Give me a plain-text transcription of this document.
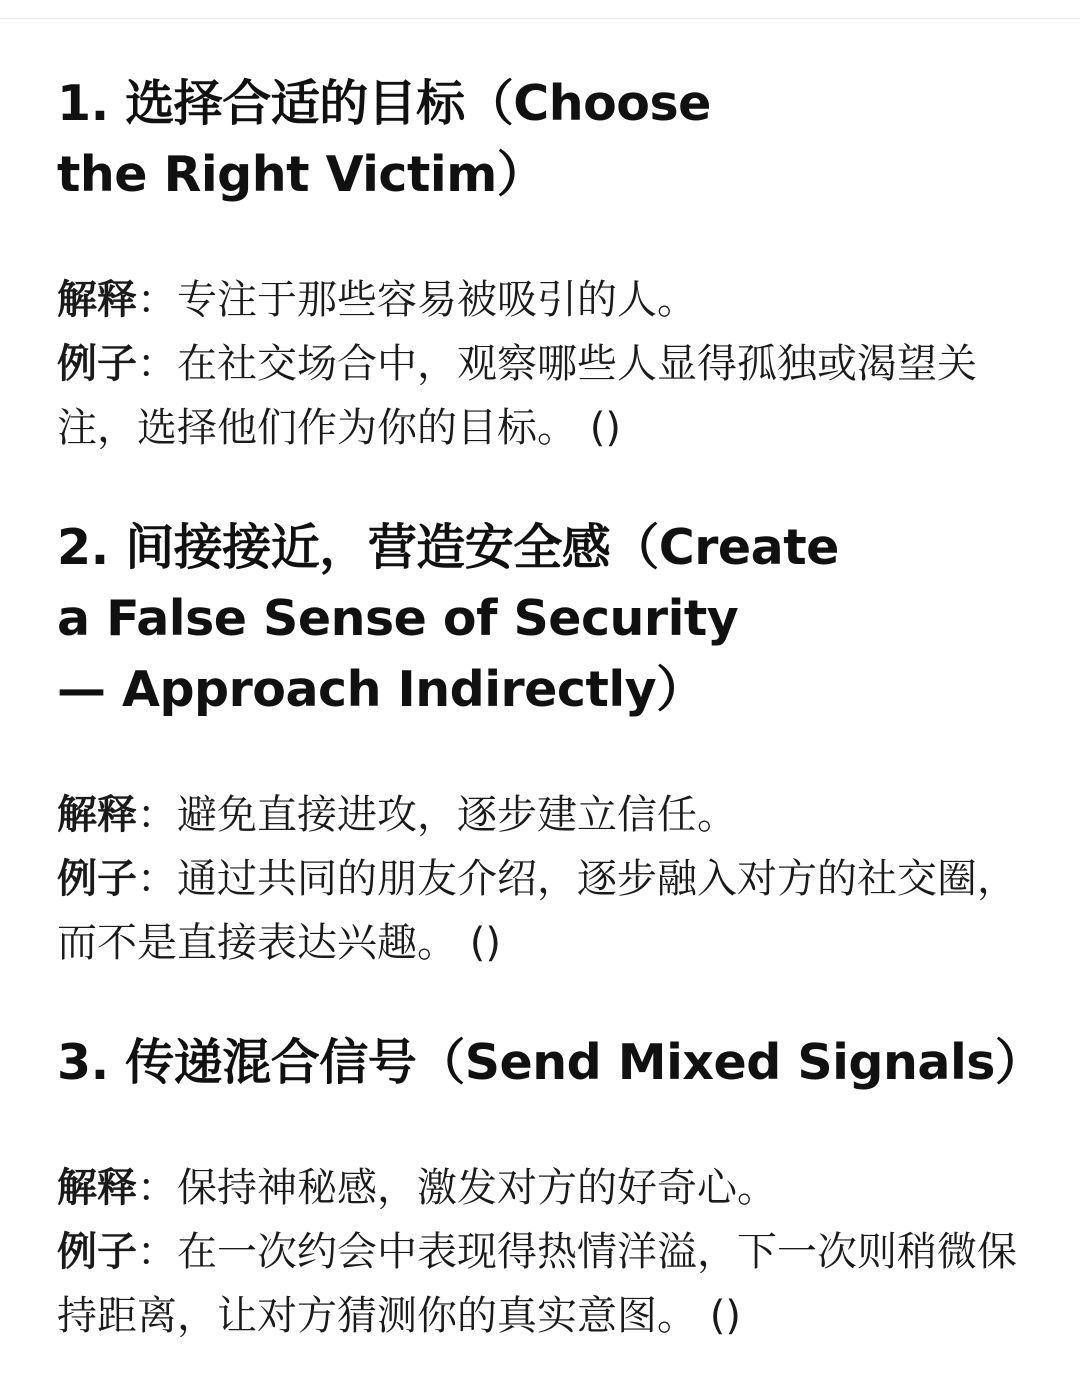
1. 选择合适的目标（Choose
the Right Victim）

解释：专注于那些容易被吸引的人。

例子：在社交场合中，观察哪些人显得孤独或渴望关注，选择他们作为你的目标。 ()

2. 间接接近，营造安全感（Create
a False Sense of Security
— Approach Indirectly）

解释：避免直接进攻，逐步建立信任。

例子：通过共同的朋友介绍，逐步融入对方的社交圈，而不是直接表达兴趣。 ()

3. 传递混合信号（Send Mixed Signals）

解释：保持神秘感，激发对方的好奇心。

例子：在一次约会中表现得热情洋溢，下一次则稍微保持距离，让对方猜测你的真实意图。 ()
